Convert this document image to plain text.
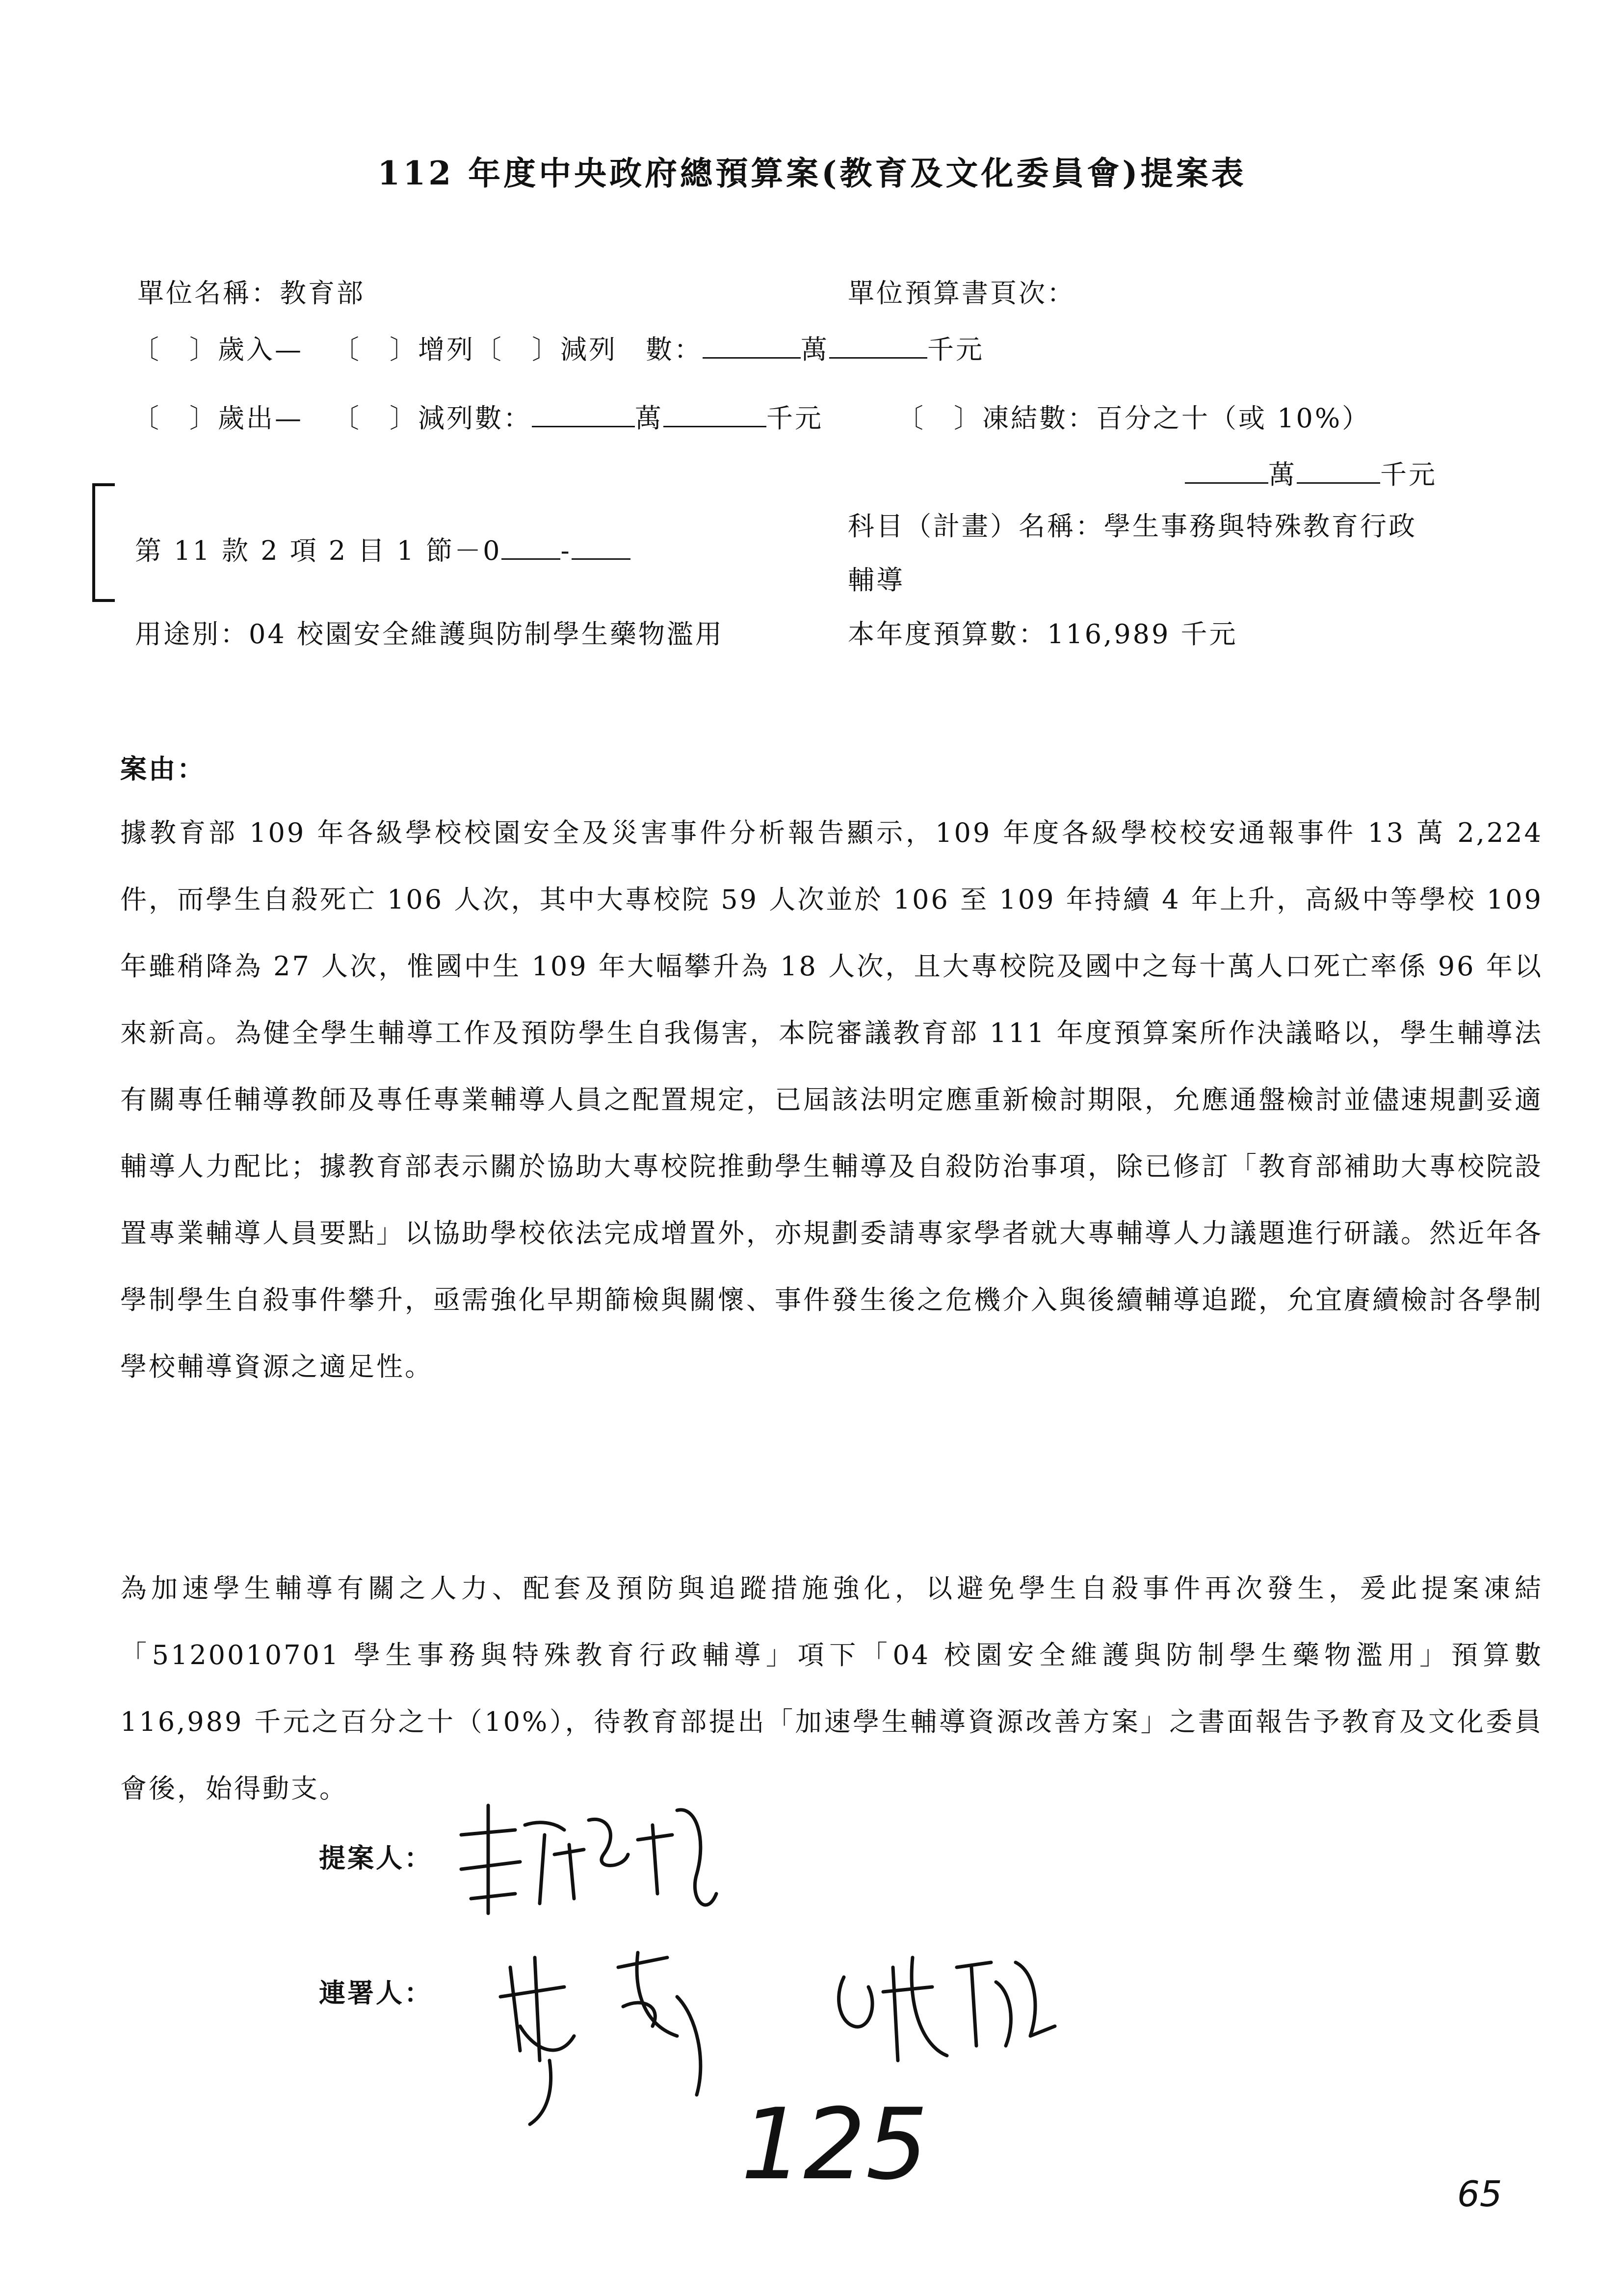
112 年度中央政府總預算案(教育及文化委員會)提案表
單位名稱：教育部	單位預算書頁次：
〔　〕歲入— 〔　〕增列〔　〕減列　數：	萬	千元
〔　〕歲出— 〔　〕減列數：	萬	千元	〔　〕凍結數：百分之十（或 10%）
萬	千元
第 11 款 2 項 2 目 1 節－0 -
科目（計畫）名稱：學生事務與特殊教育行政
輔導
用途別：04 校園安全維護與防制學生藥物濫用	本年度預算數：116,989 千元
案由：
據教育部 109 年各級學校校園安全及災害事件分析報告顯示，109 年度各級學校校安通報事件 13 萬 2,224 件，而學生自殺死亡 106 人次，其中大專校院 59 人次並於 106 至 109 年持續 4 年上升，高級中等學校 109 年雖稍降為 27 人次，惟國中生 109 年大幅攀升為 18 人次，且大專校院及國中之每十萬人口死亡率係 96 年以來新高。為健全學生輔導工作及預防學生自我傷害，本院審議教育部 111 年度預算案所作決議略以，學生輔導法有關專任輔導教師及專任專業輔導人員之配置規定，已屆該法明定應重新檢討期限，允應通盤檢討並儘速規劃妥適輔導人力配比；據教育部表示關於協助大專校院推動學生輔導及自殺防治事項，除已修訂「教育部補助大專校院設置專業輔導人員要點」以協助學校依法完成增置外，亦規劃委請專家學者就大專輔導人力議題進行研議。然近年各學制學生自殺事件攀升，亟需強化早期篩檢與關懷、事件發生後之危機介入與後續輔導追蹤，允宜賡續檢討各學制學校輔導資源之適足性。
為加速學生輔導有關之人力、配套及預防與追蹤措施強化，以避免學生自殺事件再次發生，爰此提案凍結「5120010701 學生事務與特殊教育行政輔導」項下「04 校園安全維護與防制學生藥物濫用」預算數 116,989 千元之百分之十（10%），待教育部提出「加速學生輔導資源改善方案」之書面報告予教育及文化委員會後，始得動支。
提案人：
連署人：
125	65
